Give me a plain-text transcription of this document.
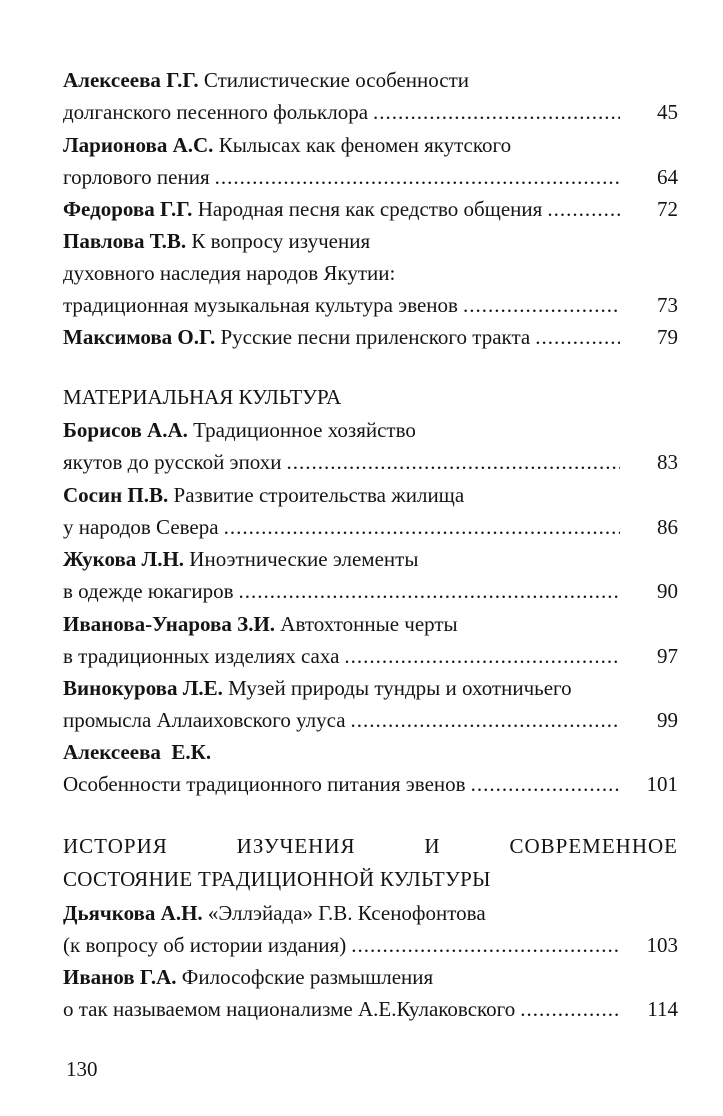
Алексеева Г.Г.
Стилистические особенности
долганского песенного фольклора .....	45
Ларионова А.С.
Кылысах как феномен якутского
горлового пения .....	64
Федорова Г.Г.
Народная песня как средство общения .....	72
Павлова Т.В.
К вопросу изучения
духовного наследия народов Якутии:
традиционная музыкальная культура эвенов .....	73
Максимова О.Г.
Русские песни приленского тракта .....	79
МАТЕРИАЛЬНАЯ КУЛЬТУРА
Борисов А.А.
Традиционное хозяйство
якутов до русской эпохи .....	83
Сосин П.В.
Развитие строительства жилища
у народов Севера .....	86
Жукова Л.Н.
Иноэтнические элементы
в одежде юкагиров .....	90
Иванова-Унарова З.И.
Автохтонные черты
в традиционных изделиях саха .....	97
Винокурова Л.Е.
Музей природы тундры и охотничьего
промысла Аллаиховского улуса .....	99
Алексеева  Е.К.
Особенности традиционного питания эвенов .....	101
ИСТОРИЯ ИЗУЧЕНИЯ И СОВРЕМЕННОЕ
СОСТОЯНИЕ ТРАДИЦИОННОЙ КУЛЬТУРЫ
Дьячкова А.Н.
«Эллэйада» Г.В. Ксенофонтова
(к вопросу об истории издания) .....	103
Иванов Г.А.
Философские размышления
о так называемом национализме А.Е.Кулаковского .....	114
130
